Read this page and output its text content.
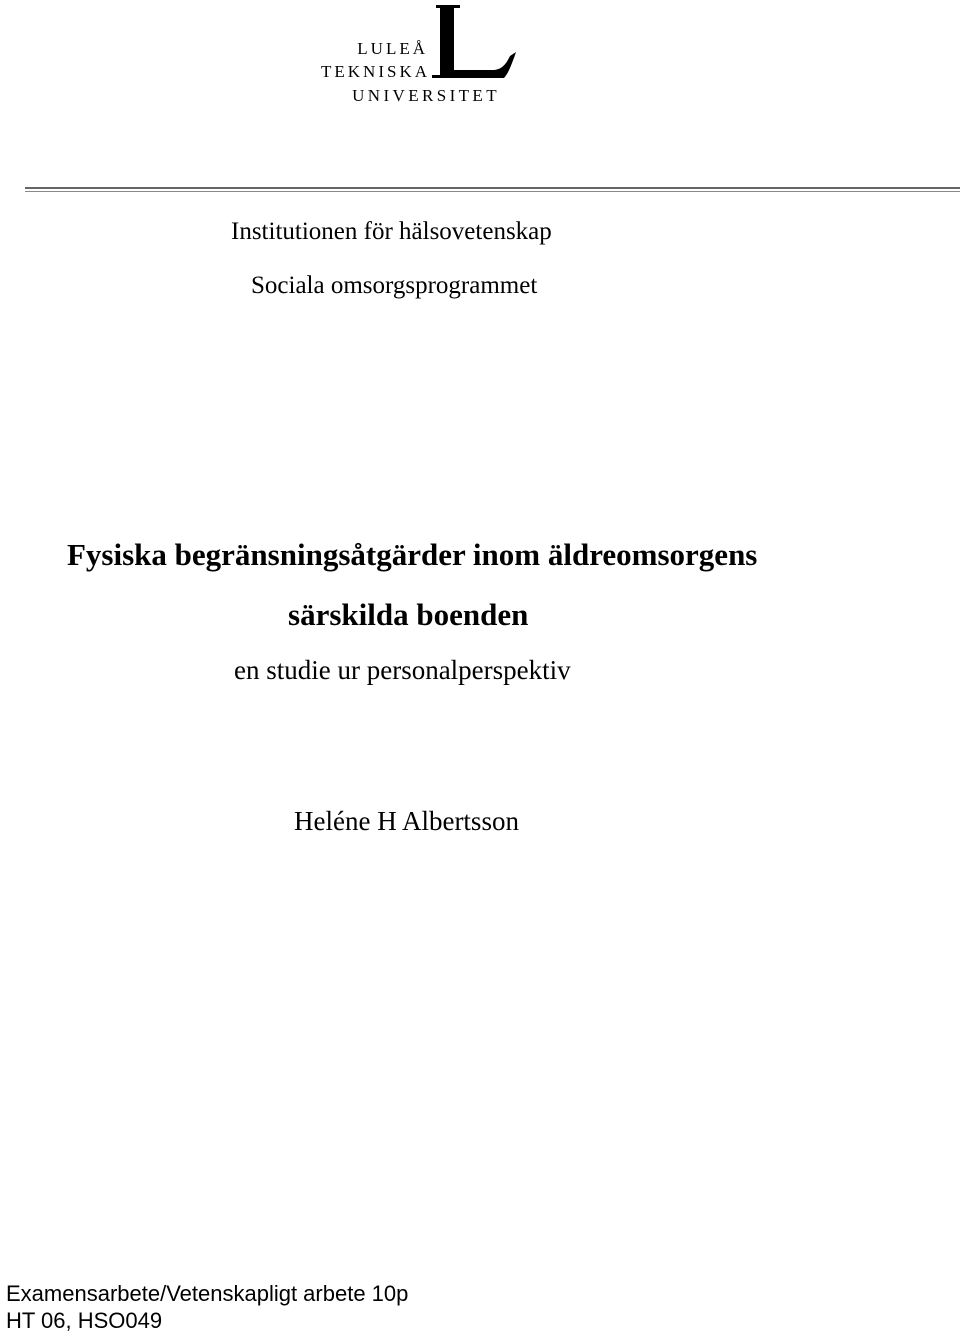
LULEÅ
TEKNISKA
UNIVERSITET
Institutionen för hälsovetenskap
Sociala omsorgsprogrammet
Fysiska begränsningsåtgärder inom äldreomsorgens
särskilda boenden
en studie ur personalperspektiv
Heléne H Albertsson
Examensarbete/Vetenskapligt arbete 10p
HT 06, HSO049
